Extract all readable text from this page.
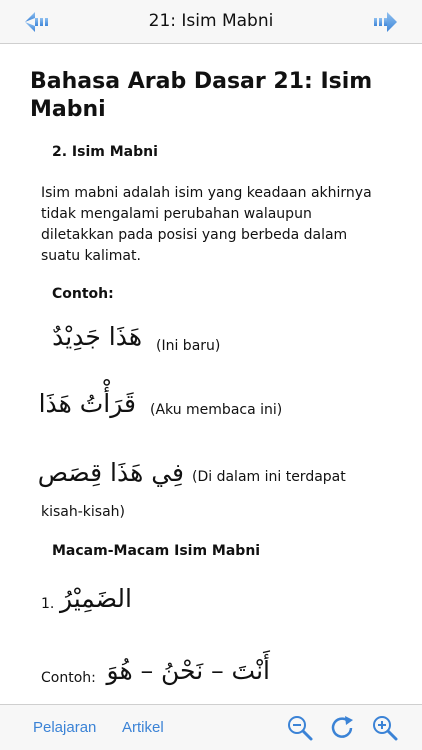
21: Isim Mabni
Bahasa Arab Dasar 21: Isim Mabni
2. Isim Mabni
Isim mabni adalah isim yang keadaan akhirnya tidak mengalami perubahan walaupun diletakkan pada posisi yang berbeda dalam suatu kalimat.
Contoh:
هَذَا جَدِيْدٌ (Ini baru)
قَرَأْتُ هَذَا (Aku membaca ini)
فِي هَذَا قِصَص (Di dalam ini terdapat
kisah-kisah)
Macam-Macam Isim Mabni
1. الضَمِيْرُ
Contoh: أَنْتَ – نَحْنُ – هُوَ
Pelajaran Artikel
